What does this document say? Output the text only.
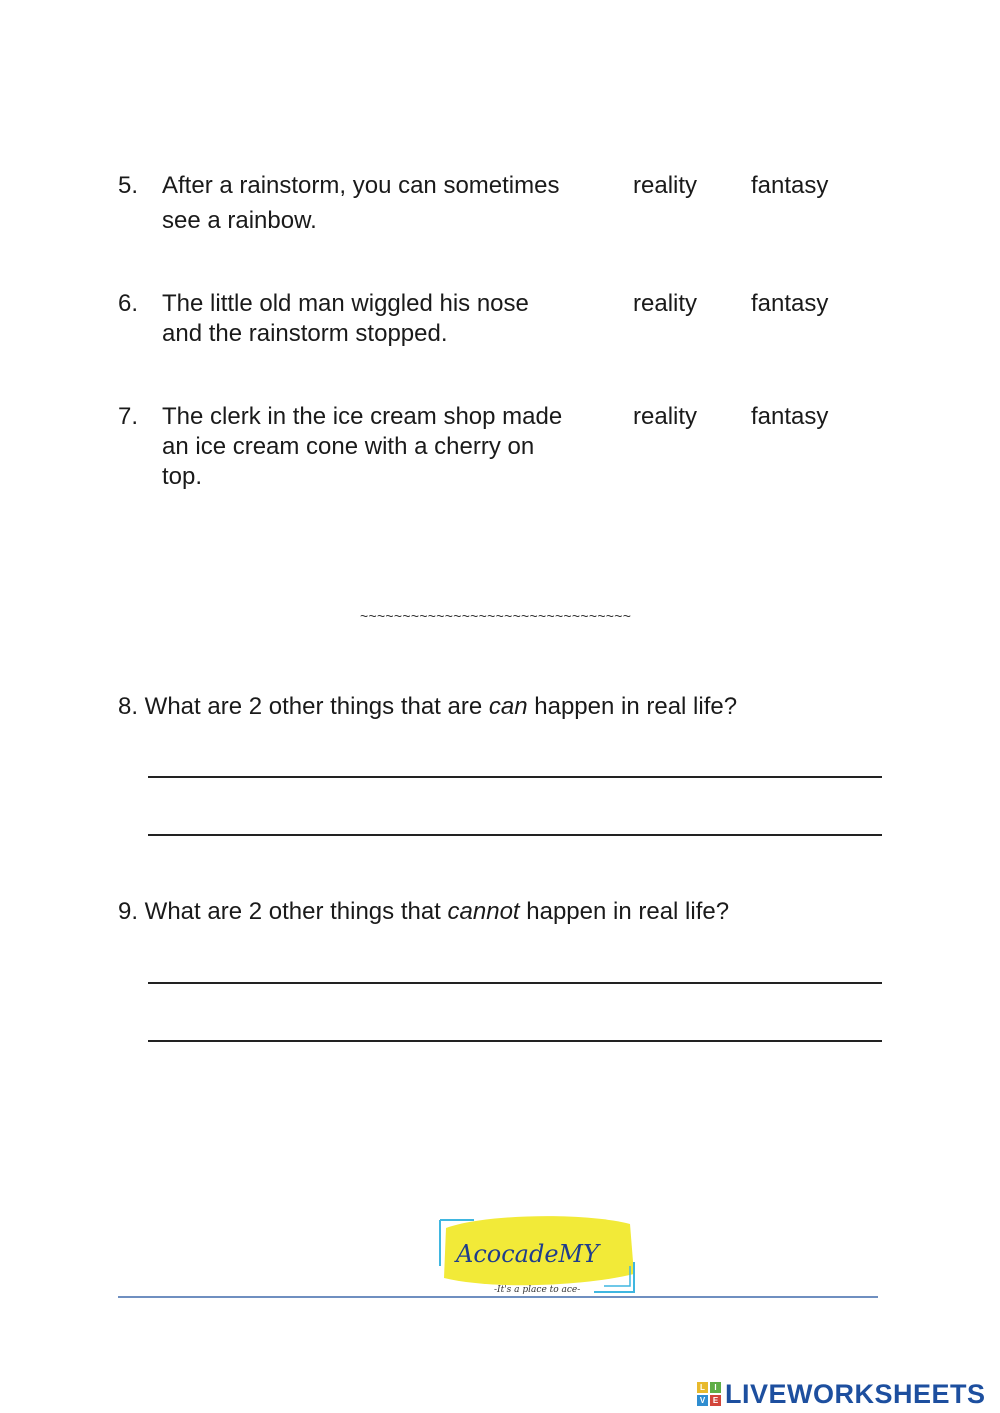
5. After a rainstorm, you can sometimes
see a rainbow.
reality fantasy
6. The little old man wiggled his nose
and the rainstorm stopped.
reality fantasy
7. The clerk in the ice cream shop made
an ice cream cone with a cherry on
top.
reality fantasy
~~~~~~~~~~~~~~~~~~~~~~~~~~~~~~~~
8. What are 2 other things that are can happen in real life?
9. What are 2 other things that cannot happen in real life?
AcocadeMY
-It's a place to ace-
L	I
V E LIVEWORKSHEETS
